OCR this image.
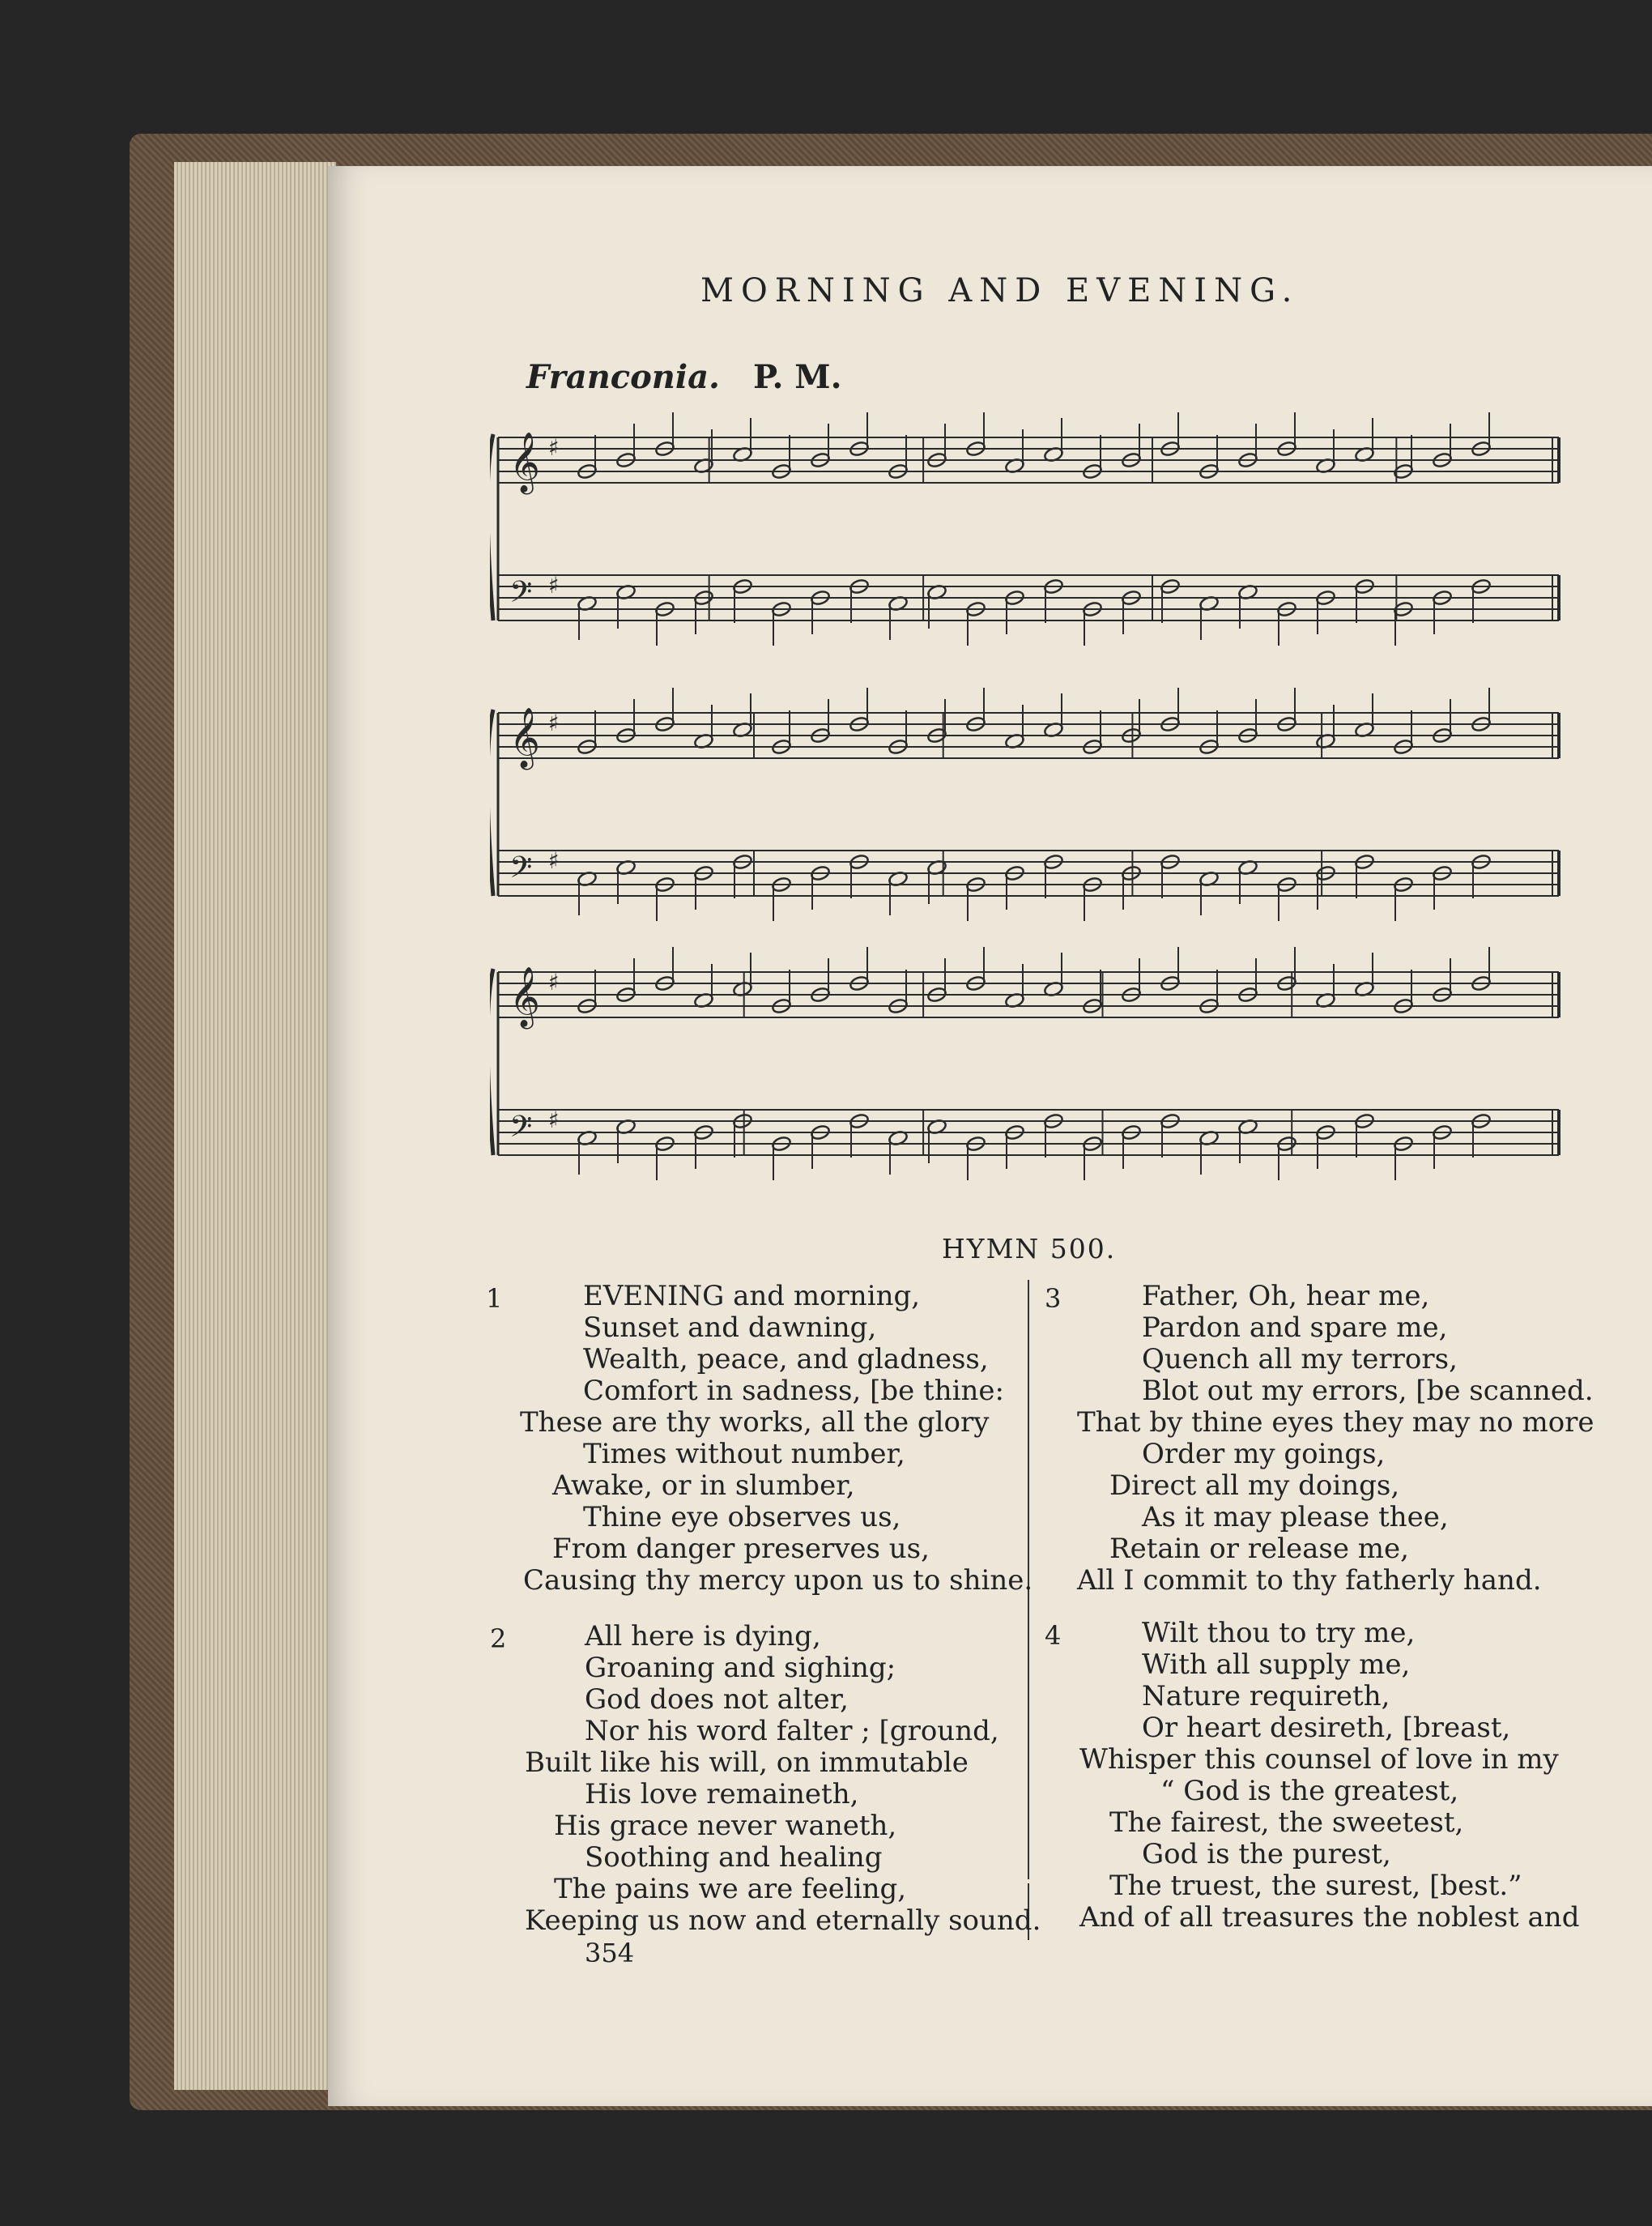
MORNING AND EVENING.
Franconia. P. M.
𝄞
𝄢
♯
♯
𝄞
𝄢
♯
♯
𝄞
𝄢
♯
♯
HYMN 500.
1	EVENING and morning,
Sunset and dawning,
Wealth, peace, and gladness,
Comfort in sadness, [be thine:
These are thy works, all the glory
Times without number,
Awake, or in slumber,
Thine eye observes us,
From danger preserves us,
Causing thy mercy upon us to shine.
2	All here is dying,
Groaning and sighing;
God does not alter,
Nor his word falter ; [ground,
Built like his will, on immutable
His love remaineth,
His grace never waneth,
Soothing and healing
The pains we are feeling,
Keeping us now and eternally sound.
3	Father, Oh, hear me,
Pardon and spare me,
Quench all my terrors,
Blot out my errors, [be scanned.
That by thine eyes they may no more
Order my goings,
Direct all my doings,
As it may please thee,
Retain or release me,
All I commit to thy fatherly hand.
4	Wilt thou to try me,
With all supply me,
Nature requireth,
Or heart desireth, [breast,
Whisper this counsel of love in my
“ God is the greatest,
The fairest, the sweetest,
God is the purest,
The truest, the surest, [best.”
And of all treasures the noblest and
354
